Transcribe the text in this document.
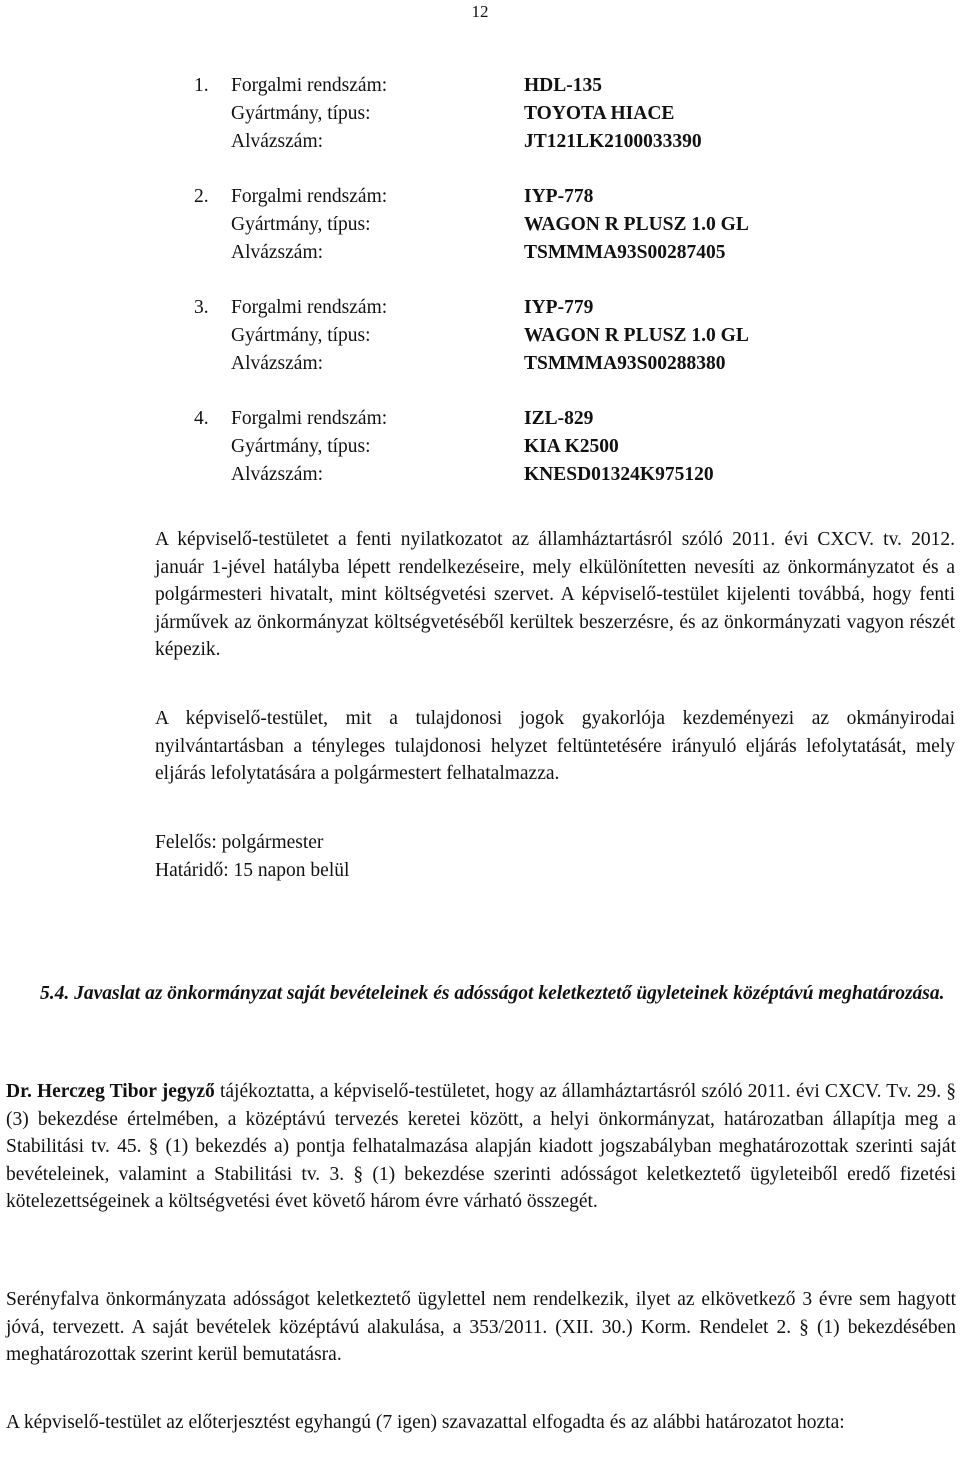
12
1.	Forgalmi rendszám:	HDL-135
Gyártmány, típus:	TOYOTA HIACE
Alvázszám:	JT121LK2100033390
2.	Forgalmi rendszám:	IYP-778
Gyártmány, típus:	WAGON R PLUSZ 1.0 GL
Alvázszám:	TSMMMA93S00287405
3.	Forgalmi rendszám:	IYP-779
Gyártmány, típus:	WAGON R PLUSZ 1.0 GL
Alvázszám:	TSMMMA93S00288380
4.	Forgalmi rendszám:	IZL-829
Gyártmány, típus:	KIA K2500
Alvázszám:	KNESD01324K975120

A képviselő-testületet a fenti nyilatkozatot az államháztartásról szóló 2011. évi CXCV. tv. 2012. január 1-jével hatályba lépett rendelkezéseire, mely elkülönítetten nevesíti az önkormányzatot és a polgármesteri hivatalt, mint költségvetési szervet. A képviselő-testület kijelenti továbbá, hogy fenti járművek az önkormányzat költségvetéséből kerültek beszerzésre, és az önkormányzati vagyon részét képezik.

A képviselő-testület, mit a tulajdonosi jogok gyakorlója kezdeményezi az okmányirodai nyilvántartásban a tényleges tulajdonosi helyzet feltüntetésére irányuló eljárás lefolytatását, mely eljárás lefolytatására a polgármestert felhatalmazza.

Felelős: polgármester

Határidő: 15 napon belül

5.4. Javaslat az önkormányzat saját bevételeinek és adósságot keletkeztető ügyleteinek középtávú meghatározása.

Dr. Herczeg Tibor jegyző tájékoztatta, a képviselő-testületet, hogy az államháztartásról szóló 2011. évi CXCV. Tv. 29. § (3) bekezdése értelmében, a középtávú tervezés keretei között, a helyi önkormányzat, határozatban állapítja meg a Stabilitási tv. 45. § (1) bekezdés a) pontja felhatalmazása alapján kiadott jogszabályban meghatározottak szerinti saját bevételeinek, valamint a Stabilitási tv. 3. § (1) bekezdése szerinti adósságot keletkeztető ügyleteiből eredő fizetési kötelezettségeinek a költségvetési évet követő három évre várható összegét.

Serényfalva önkormányzata adósságot keletkeztető ügylettel nem rendelkezik, ilyet az elkövetkező 3 évre sem hagyott jóvá, tervezett. A saját bevételek középtávú alakulása, a 353/2011. (XII. 30.) Korm. Rendelet 2. § (1) bekezdésében meghatározottak szerint kerül bemutatásra.

A képviselő-testület az előterjesztést egyhangú (7 igen) szavazattal elfogadta és az alábbi határozatot hozta:
